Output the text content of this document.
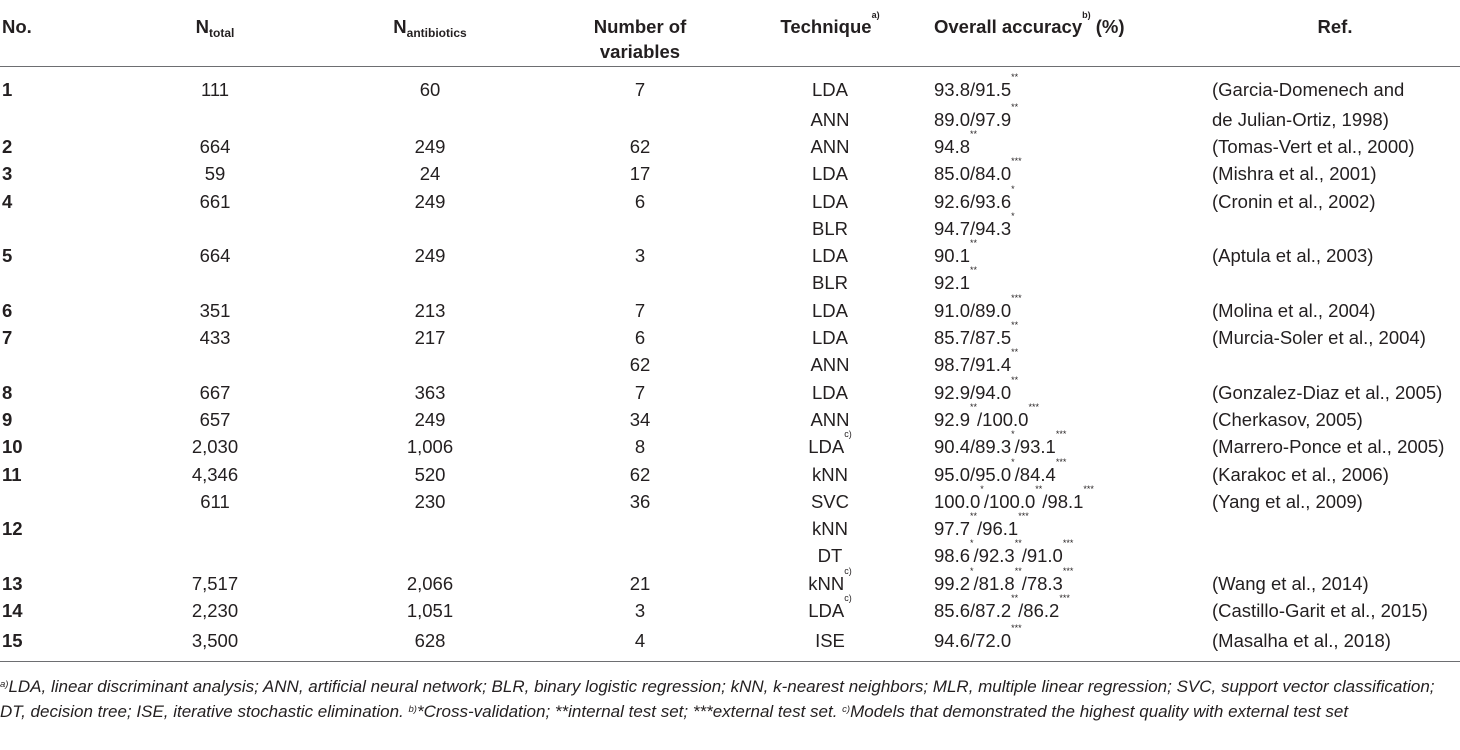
No.	$N_{total}$	$N_{antibiotics}$	Number of variables	Technique$^{a)}$	Overall accuracy$^{b)}$ (%)	Ref.
1	111	60	7	LDA	93.8/91.5**	(Garcia-Domenech and
				ANN	89.0/97.9**	de Julian-Ortiz, 1998)
2	664	249	62	ANN	94.8**	(Tomas-Vert et al., 2000)
3	59	24	17	LDA	85.0/84.0***	(Mishra et al., 2001)
4	661	249	6	LDA	92.6/93.6*	(Cronin et al., 2002)
				BLR	94.7/94.3*	
5	664	249	3	LDA	90.1**	(Aptula et al., 2003)
				BLR	92.1**	
6	351	213	7	LDA	91.0/89.0***	(Molina et al., 2004)
7	433	217	6	LDA	85.7/87.5**	(Murcia-Soler et al., 2004)
			62	ANN	98.7/91.4**	
8	667	363	7	LDA	92.9/94.0**	(Gonzalez-Diaz et al., 2005)
9	657	249	34	ANN	92.9**/100.0***	(Cherkasov, 2005)
10	2,030	1,006	8	LDA$^{c)}$	90.4/89.3*/93.1***	(Marrero-Ponce et al., 2005)
11	4,346	520	62	kNN	95.0/95.0*/84.4***	(Karakoc et al., 2006)
	611	230	36	SVC	100.0*/100.0**/98.1***	(Yang et al., 2009)
12				kNN	97.7**/96.1***	
				DT	98.6*/92.3**/91.0***	
13	7,517	2,066	21	kNN$^{c)}$	99.2*/81.8**/78.3***	(Wang et al., 2014)
14	2,230	1,051	3	LDA$^{c)}$	85.6/87.2**/86.2***	(Castillo-Garit et al., 2015)
15	3,500	628	4	ISE	94.6/72.0***	(Masalha et al., 2018)
$^{a)}$LDA, linear discriminant analysis; ANN, artificial neural network; BLR, binary logistic regression; kNN, k-nearest neighbors; MLR, multiple linear regression; SVC, support vector classification; DT, decision tree; ISE, iterative stochastic elimination. $^{b)}$*Cross-validation; **internal test set; ***external test set. $^{c)}$Models that demonstrated the highest quality with external test set
